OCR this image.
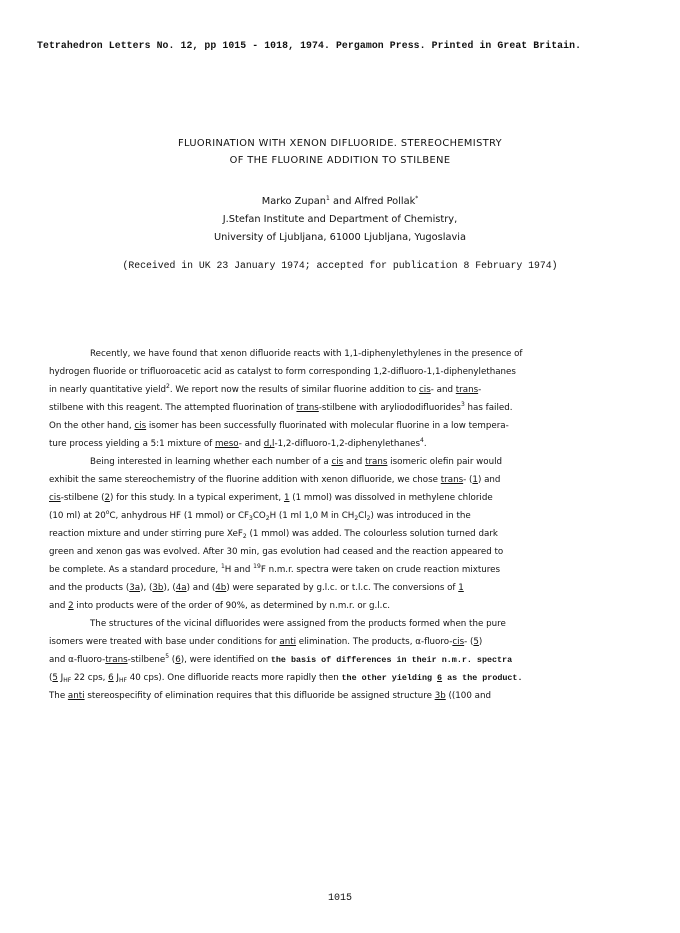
Tetrahedron Letters No. 12, pp 1015 - 1018, 1974. Pergamon Press. Printed in Great Britain.
FLUORINATION WITH XENON DIFLUORIDE. STEREOCHEMISTRY
OF THE FLUORINE ADDITION TO STILBENE
Marko Zupan$^1$ and Alfred Pollak*
J.Stefan Institute and Department of Chemistry,
University of Ljubljana, 61000 Ljubljana, Yugoslavia
(Received in UK 23 January 1974; accepted for publication 8 February 1974)
Recently, we have found that xenon difluoride reacts with 1,1-diphenylethylenes in the presence of
hydrogen fluoride or trifluoroacetic acid as catalyst to form corresponding 1,2-difluoro-1,1-diphenylethanes
in nearly quantitative yield$^2$. We report now the results of similar fluorine addition to cis- and trans-
stilbene with this reagent. The attempted fluorination of trans-stilbene with aryliododifluorides$^3$ has failed.
On the other hand, cis isomer has been successfully fluorinated with molecular fluorine in a low tempera-
ture process yielding a 5:1 mixture of meso- and d,l-1,2-difluoro-1,2-diphenylethanes$^4$.
Being interested in learning whether each number of a cis and trans isomeric olefin pair would
exhibit the same stereochemistry of the fluorine addition with xenon difluoride, we chose trans- (1) and
cis-stilbene (2) for this study. In a typical experiment, 1 (1 mmol) was dissolved in methylene chloride
(10 ml) at 20$^o$C, anhydrous HF (1 mmol) or $CF_3CO_2H$ (1 ml 1,0 M in $CH_2Cl_2$) was introduced in the
reaction mixture and under stirring pure XeF$_2$ (1 mmol) was added. The colourless solution turned dark
green and xenon gas was evolved. After 30 min, gas evolution had ceased and the reaction appeared to
be complete. As a standard procedure, $^1$H and $^{19}$F n.m.r. spectra were taken on crude reaction mixtures
and the products (3a), (3b), (4a) and (4b) were separated by g.l.c. or t.l.c. The conversions of 1
and 2 into products were of the order of 90%, as determined by n.m.r. or g.l.c.
The structures of the vicinal difluorides were assigned from the products formed when the pure
isomers were treated with base under conditions for anti elimination. The products, α-fluoro-cis- (5)
and α-fluoro-trans-stilbene$^5$ (6), were identified on the basis of differences in their n.m.r. spectra
(5 $J_{HF}$ 22 cps, 6 $J_{HF}$ 40 cps). One difluoride reacts more rapidly then the other yielding 6 as the product.
The anti stereospecifity of elimination requires that this difluoride be assigned structure 3b ((100 and
1015
